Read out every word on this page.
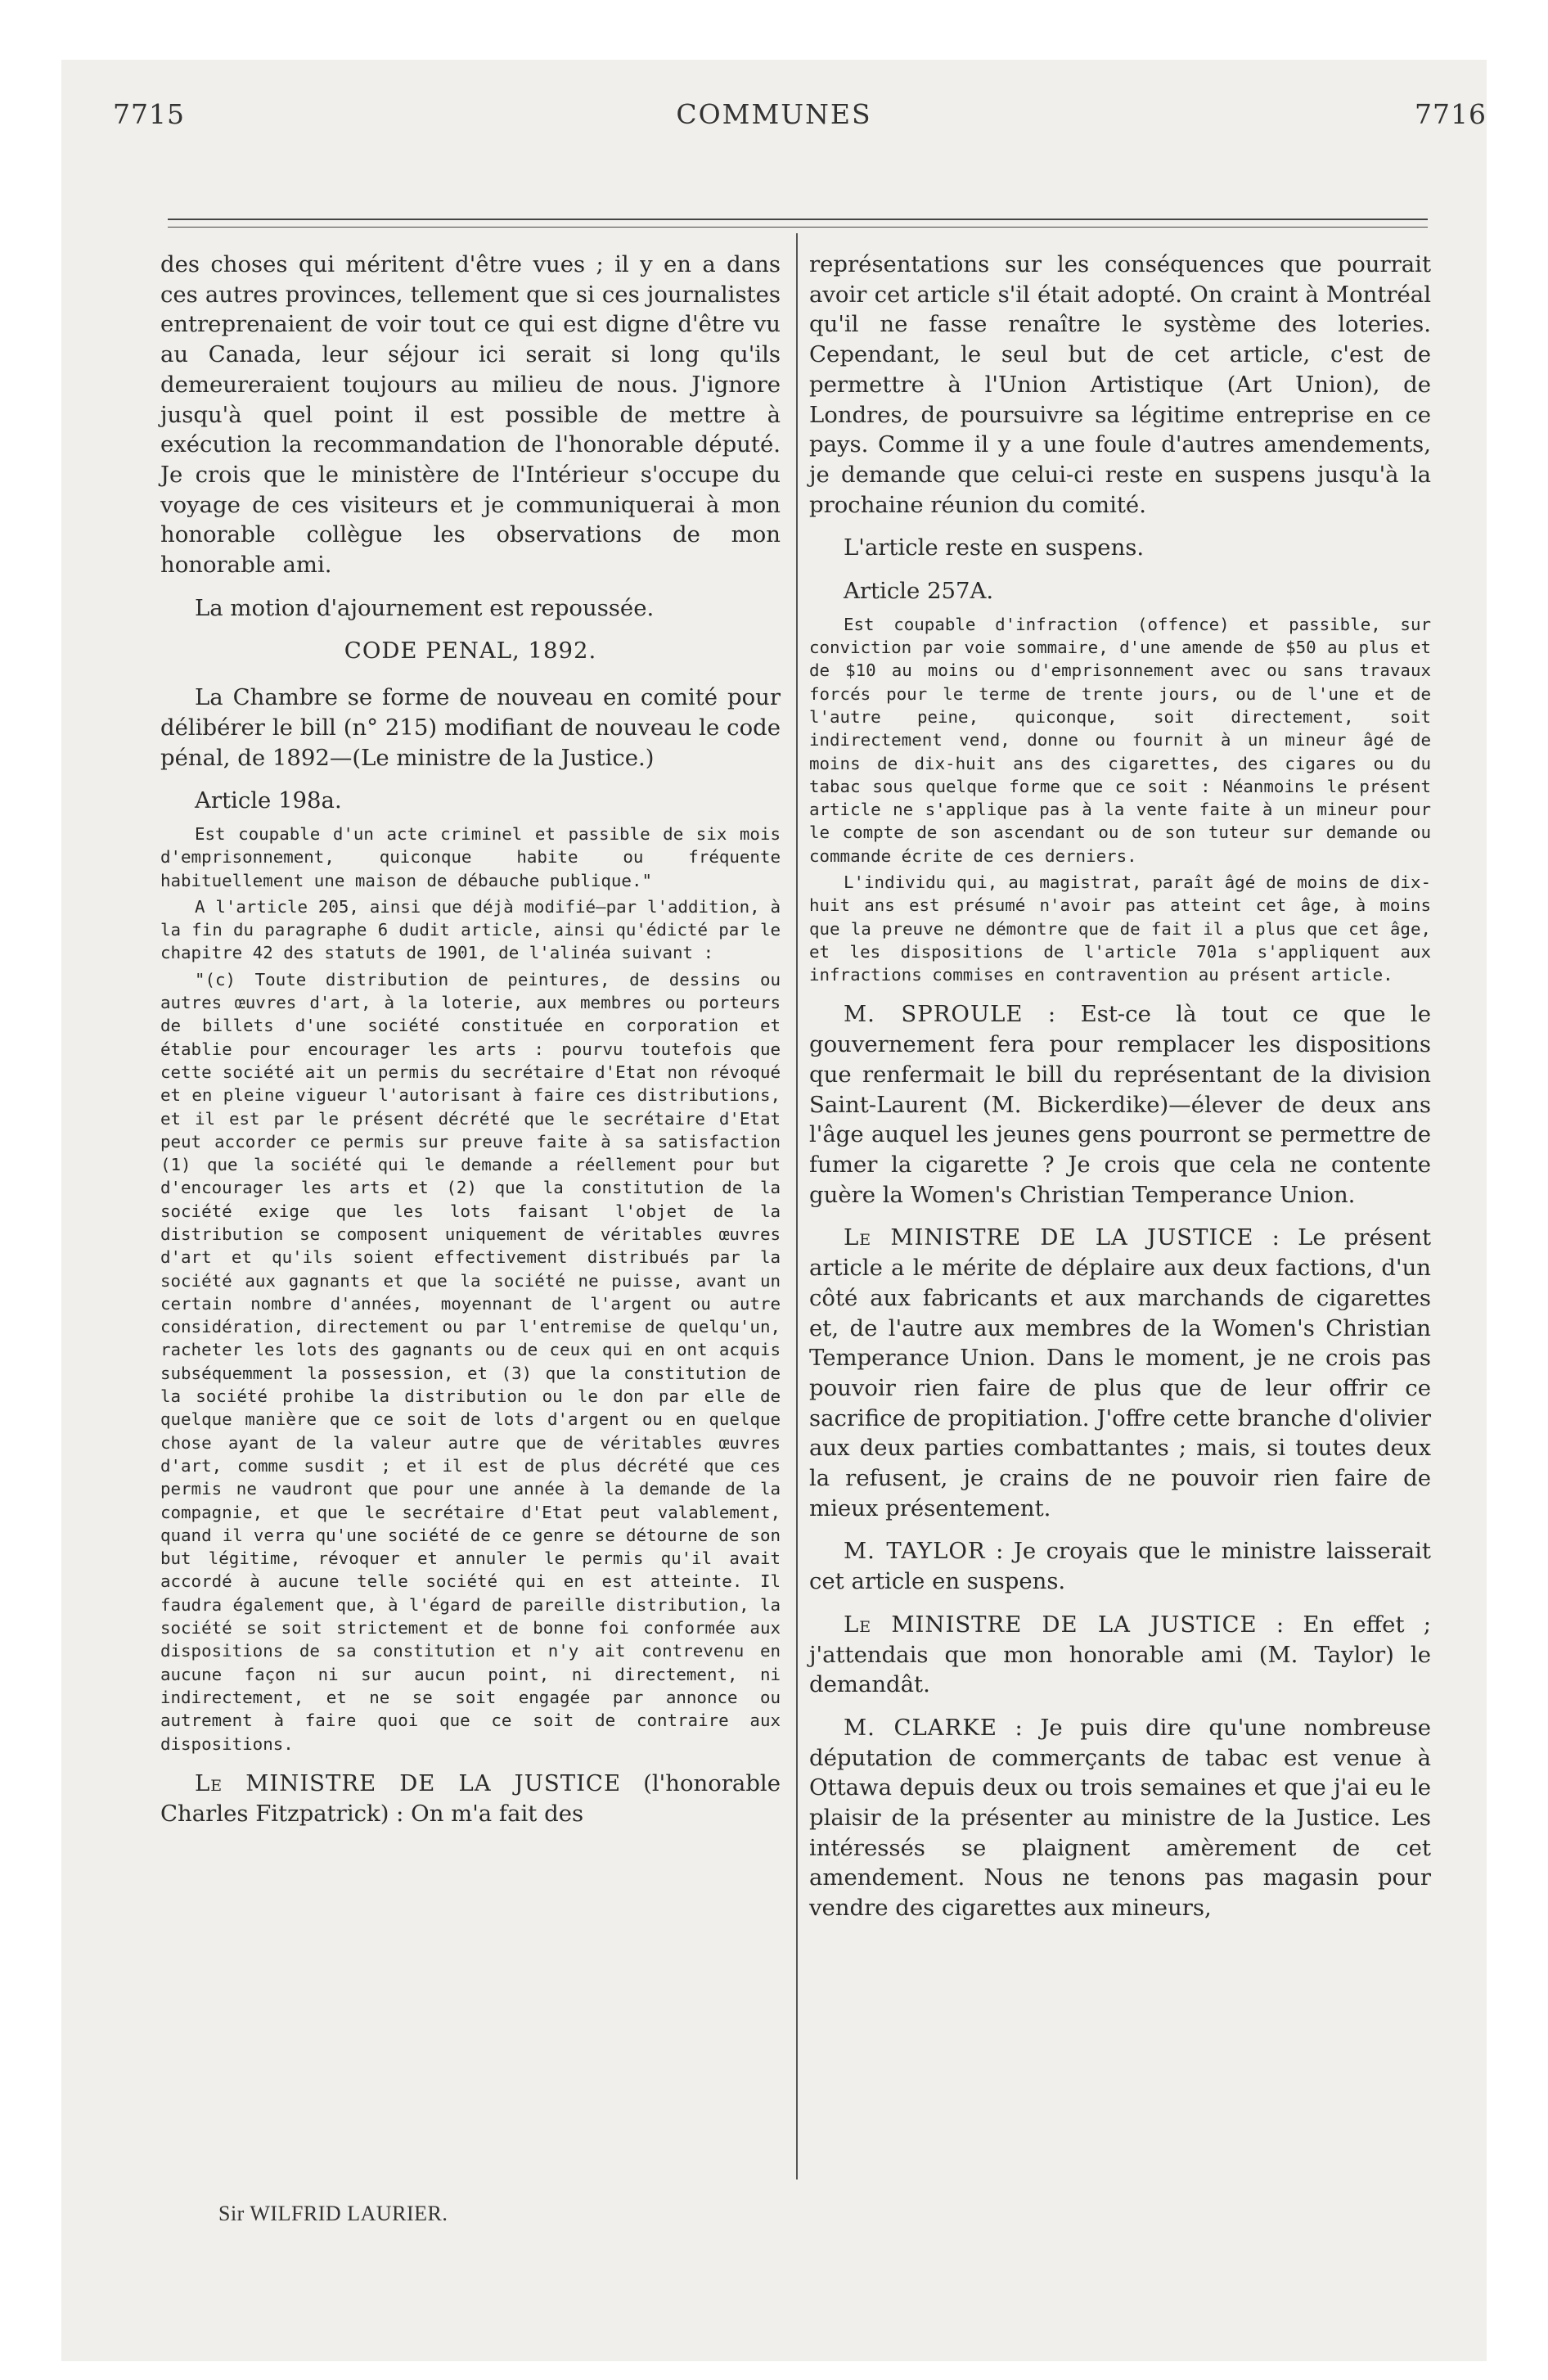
7715	COMMUNES	7716

des choses qui méritent d'être vues ; il y en a dans ces autres provinces, tellement que si ces journalistes entreprenaient de voir tout ce qui est digne d'être vu au Canada, leur séjour ici serait si long qu'ils demeureraient toujours au milieu de nous. J'ignore jusqu'à quel point il est possible de mettre à exécution la recommandation de l'honorable député. Je crois que le ministère de l'Intérieur s'occupe du voyage de ces visiteurs et je communiquerai à mon honorable collègue les observations de mon honorable ami.

La motion d'ajournement est repoussée.

CODE PENAL, 1892.

La Chambre se forme de nouveau en comité pour délibérer le bill (n° 215) modifiant de nouveau le code pénal, de 1892—(Le ministre de la Justice.)

Article 198a.

Est coupable d'un acte criminel et passible de six mois d'emprisonnement, quiconque habite ou fréquente habituellement une maison de débauche publique."

A l'article 205, ainsi que déjà modifié—par l'addition, à la fin du paragraphe 6 dudit article, ainsi qu'édicté par le chapitre 42 des statuts de 1901, de l'alinéa suivant :

"(c) Toute distribution de peintures, de dessins ou autres œuvres d'art, à la loterie, aux membres ou porteurs de billets d'une société constituée en corporation et établie pour encourager les arts : pourvu toutefois que cette société ait un permis du secrétaire d'Etat non révoqué et en pleine vigueur l'autorisant à faire ces distributions, et il est par le présent décrété que le secrétaire d'Etat peut accorder ce permis sur preuve faite à sa satisfaction (1) que la société qui le demande a réellement pour but d'encourager les arts et (2) que la constitution de la société exige que les lots faisant l'objet de la distribution se composent uniquement de véritables œuvres d'art et qu'ils soient effectivement distribués par la société aux gagnants et que la société ne puisse, avant un certain nombre d'années, moyennant de l'argent ou autre considération, directement ou par l'entremise de quelqu'un, racheter les lots des gagnants ou de ceux qui en ont acquis subséquemment la possession, et (3) que la constitution de la société prohibe la distribution ou le don par elle de quelque manière que ce soit de lots d'argent ou en quelque chose ayant de la valeur autre que de véritables œuvres d'art, comme susdit ; et il est de plus décrété que ces permis ne vaudront que pour une année à la demande de la compagnie, et que le secrétaire d'Etat peut valablement, quand il verra qu'une société de ce genre se détourne de son but légitime, révoquer et annuler le permis qu'il avait accordé à aucune telle société qui en est atteinte. Il faudra également que, à l'égard de pareille distribution, la société se soit strictement et de bonne foi conformée aux dispositions de sa constitution et n'y ait contrevenu en aucune façon ni sur aucun point, ni directement, ni indirectement, et ne se soit engagée par annonce ou autrement à faire quoi que ce soit de contraire aux dispositions.

Le MINISTRE DE LA JUSTICE (l'honorable Charles Fitzpatrick) : On m'a fait des

représentations sur les conséquences que pourrait avoir cet article s'il était adopté. On craint à Montréal qu'il ne fasse renaître le système des loteries. Cependant, le seul but de cet article, c'est de permettre à l'Union Artistique (Art Union), de Londres, de poursuivre sa légitime entreprise en ce pays. Comme il y a une foule d'autres amendements, je demande que celui-ci reste en suspens jusqu'à la prochaine réunion du comité.

L'article reste en suspens.

Article 257A.

Est coupable d'infraction (offence) et passible, sur conviction par voie sommaire, d'une amende de $50 au plus et de $10 au moins ou d'emprisonnement avec ou sans travaux forcés pour le terme de trente jours, ou de l'une et de l'autre peine, quiconque, soit directement, soit indirectement vend, donne ou fournit à un mineur âgé de moins de dix-huit ans des cigarettes, des cigares ou du tabac sous quelque forme que ce soit : Néanmoins le présent article ne s'applique pas à la vente faite à un mineur pour le compte de son ascendant ou de son tuteur sur demande ou commande écrite de ces derniers.

L'individu qui, au magistrat, paraît âgé de moins de dix-huit ans est présumé n'avoir pas atteint cet âge, à moins que la preuve ne démontre que de fait il a plus que cet âge, et les dispositions de l'article 701a s'appliquent aux infractions commises en contravention au présent article.

M. SPROULE : Est-ce là tout ce que le gouvernement fera pour remplacer les dispositions que renfermait le bill du représentant de la division Saint-Laurent (M. Bickerdike)—élever de deux ans l'âge auquel les jeunes gens pourront se permettre de fumer la cigarette ? Je crois que cela ne contente guère la Women's Christian Temperance Union.

Le MINISTRE DE LA JUSTICE : Le présent article a le mérite de déplaire aux deux factions, d'un côté aux fabricants et aux marchands de cigarettes et, de l'autre aux membres de la Women's Christian Temperance Union. Dans le moment, je ne crois pas pouvoir rien faire de plus que de leur offrir ce sacrifice de propitiation. J'offre cette branche d'olivier aux deux parties combattantes ; mais, si toutes deux la refusent, je crains de ne pouvoir rien faire de mieux présentement.

M. TAYLOR : Je croyais que le ministre laisserait cet article en suspens.

Le MINISTRE DE LA JUSTICE : En effet ; j'attendais que mon honorable ami (M. Taylor) le demandât.

M. CLARKE : Je puis dire qu'une nombreuse députation de commerçants de tabac est venue à Ottawa depuis deux ou trois semaines et que j'ai eu le plaisir de la présenter au ministre de la Justice. Les intéressés se plaignent amèrement de cet amendement. Nous ne tenons pas magasin pour vendre des cigarettes aux mineurs,

Sir WILFRID LAURIER.
